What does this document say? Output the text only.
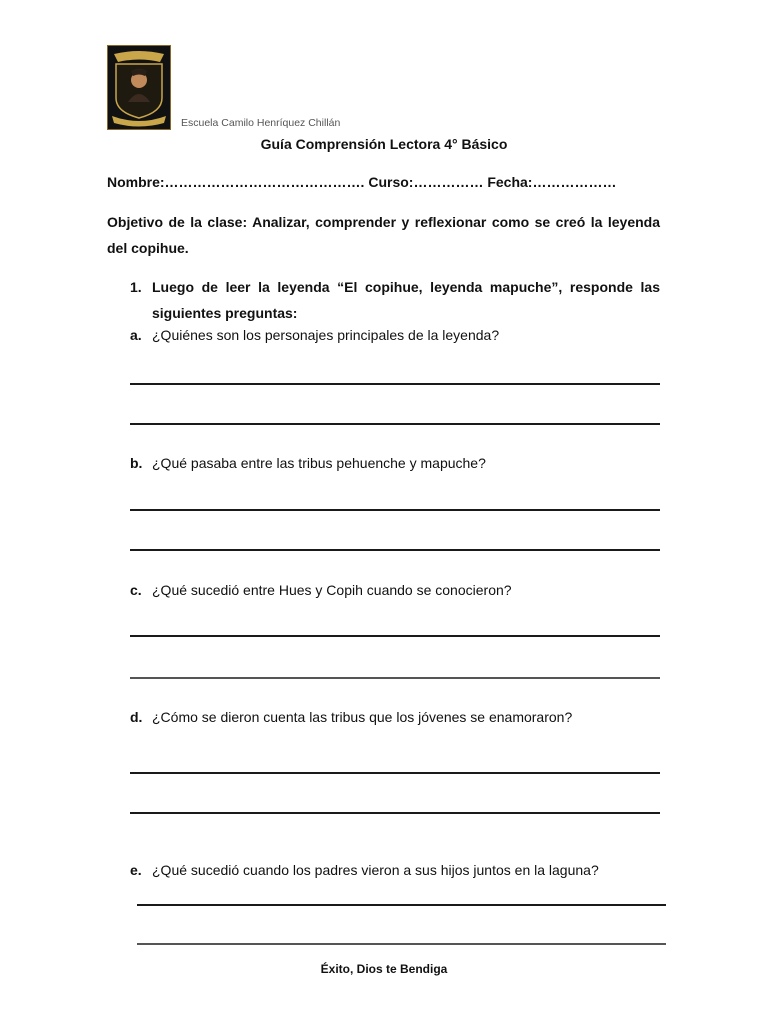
Escuela Camilo Henríquez Chillán
Guía Comprensión Lectora 4° Básico
Nombre:……………………………………. Curso:…………… Fecha:………………

Objetivo de la clase: Analizar, comprender y reflexionar como se creó la leyenda del copihue.

1. Luego de leer la leyenda “El copihue, leyenda mapuche”, responde las siguientes preguntas:
a. ¿Quiénes son los personajes principales de la leyenda?
b. ¿Qué pasaba entre las tribus pehuenche y mapuche?
c. ¿Qué sucedió entre Hues y Copih cuando se conocieron?
d. ¿Cómo se dieron cuenta las tribus que los jóvenes se enamoraron?
e. ¿Qué sucedió cuando los padres vieron a sus hijos juntos en la laguna?
Éxito, Dios te Bendiga
